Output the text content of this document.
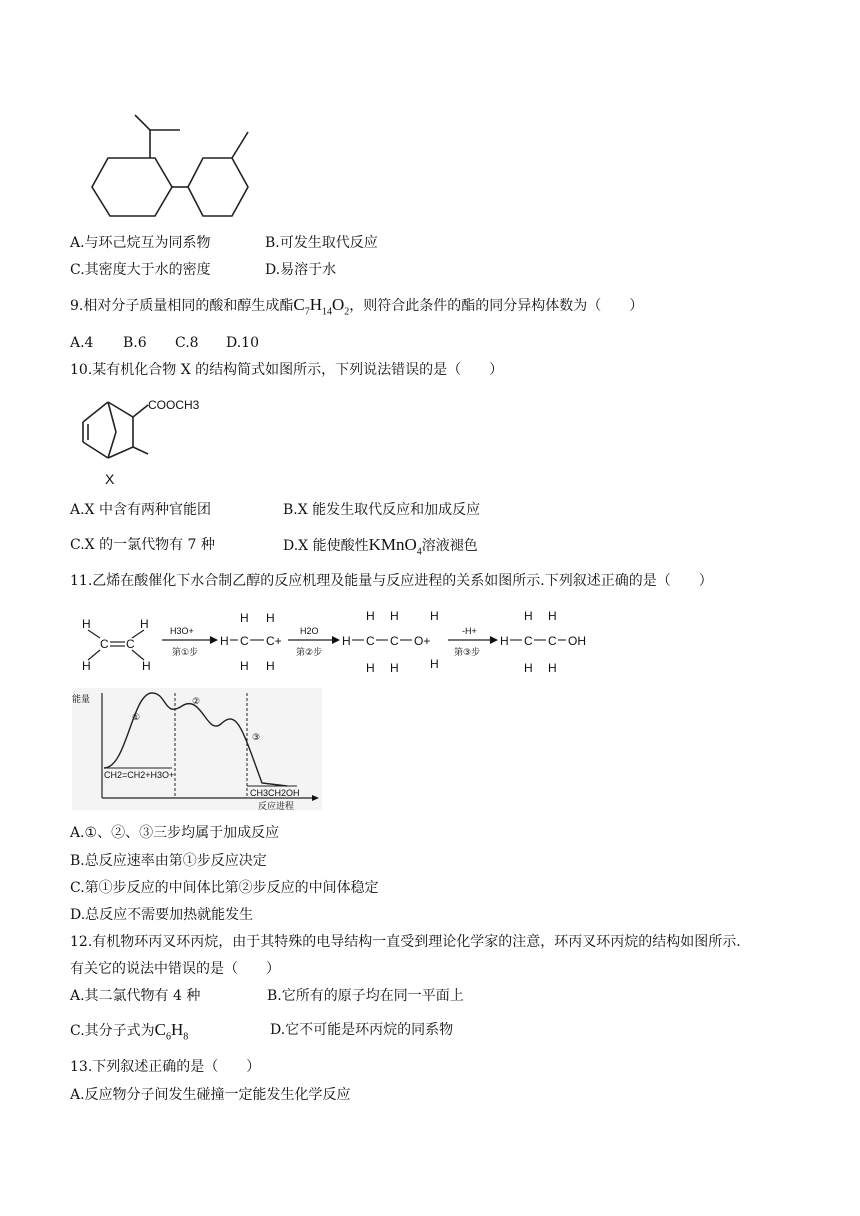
A.与环己烷互为同系物	B.可发生取代反应
C.其密度大于水的密度	D.易溶于水
9.相对分子质量相同的酸和醇生成酯$C_7H_{14}O_2$，则符合此条件的酯的同分异构体数为（　　）
A.4 B.6 C.8 D.10
10.某有机化合物 X 的结构简式如图所示，下列说法错误的是（　　）
COOCH3
X
A.X 中含有两种官能团	B.X 能发生取代反应和加成反应
C.X 的一氯代物有 7 种	D.X 能使酸性KMnO$_4$溶液褪色
11.乙烯在酸催化下水合制乙醇的反应机理及能量与反应进程的关系如图所示.下列叙述正确的是（　　）
H	H
C C
H	H
H3O+
第①步
H C C+
H H
H H
H2O
第②步
H C C O+
H H	H
H H	H
-H+
第③步
H C C OH
H H
H H
能量
①
②
③
CH2=CH2+H3O+
CH3CH2OH
反应进程
A.①、②、③三步均属于加成反应
B.总反应速率由第①步反应决定
C.第①步反应的中间体比第②步反应的中间体稳定
D.总反应不需要加热就能发生
12.有机物环丙叉环丙烷，由于其特殊的电导结构一直受到理论化学家的注意，环丙叉环丙烷的结构如图所示.
有关它的说法中错误的是（　　）
A.其二氯代物有 4 种	B.它所有的原子均在同一平面上
C.其分子式为$C_6H_8$	D.它不可能是环丙烷的同系物
13.下列叙述正确的是（　　）
A.反应物分子间发生碰撞一定能发生化学反应
